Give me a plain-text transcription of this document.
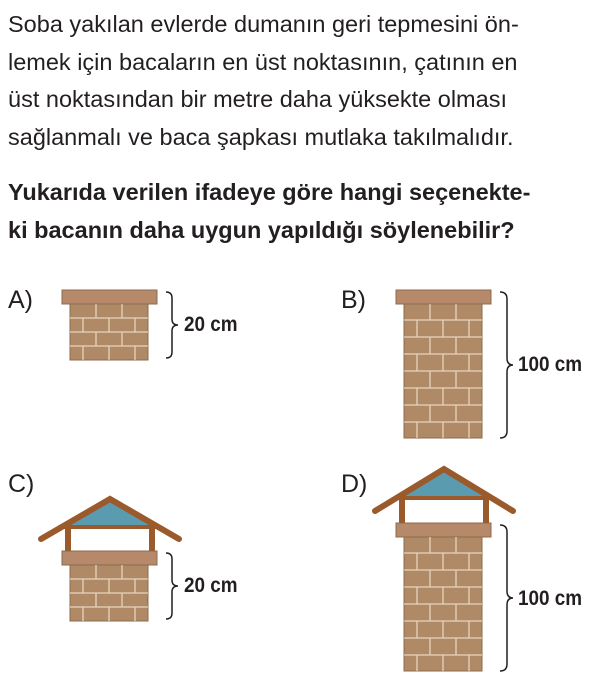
Soba yakılan evlerde dumanın geri tepmesini ön-
lemek için bacaların en üst noktasının, çatının en
üst noktasından bir metre daha yüksekte olması
sağlanmalı ve baca şapkası mutlaka takılmalıdır.

Yukarıda verilen ifadeye göre hangi seçenekte-
ki bacanın daha uygun yapıldığı söylenebilir?

A)
20 cm
B)
100 cm
C)
20 cm
D)
100 cm
